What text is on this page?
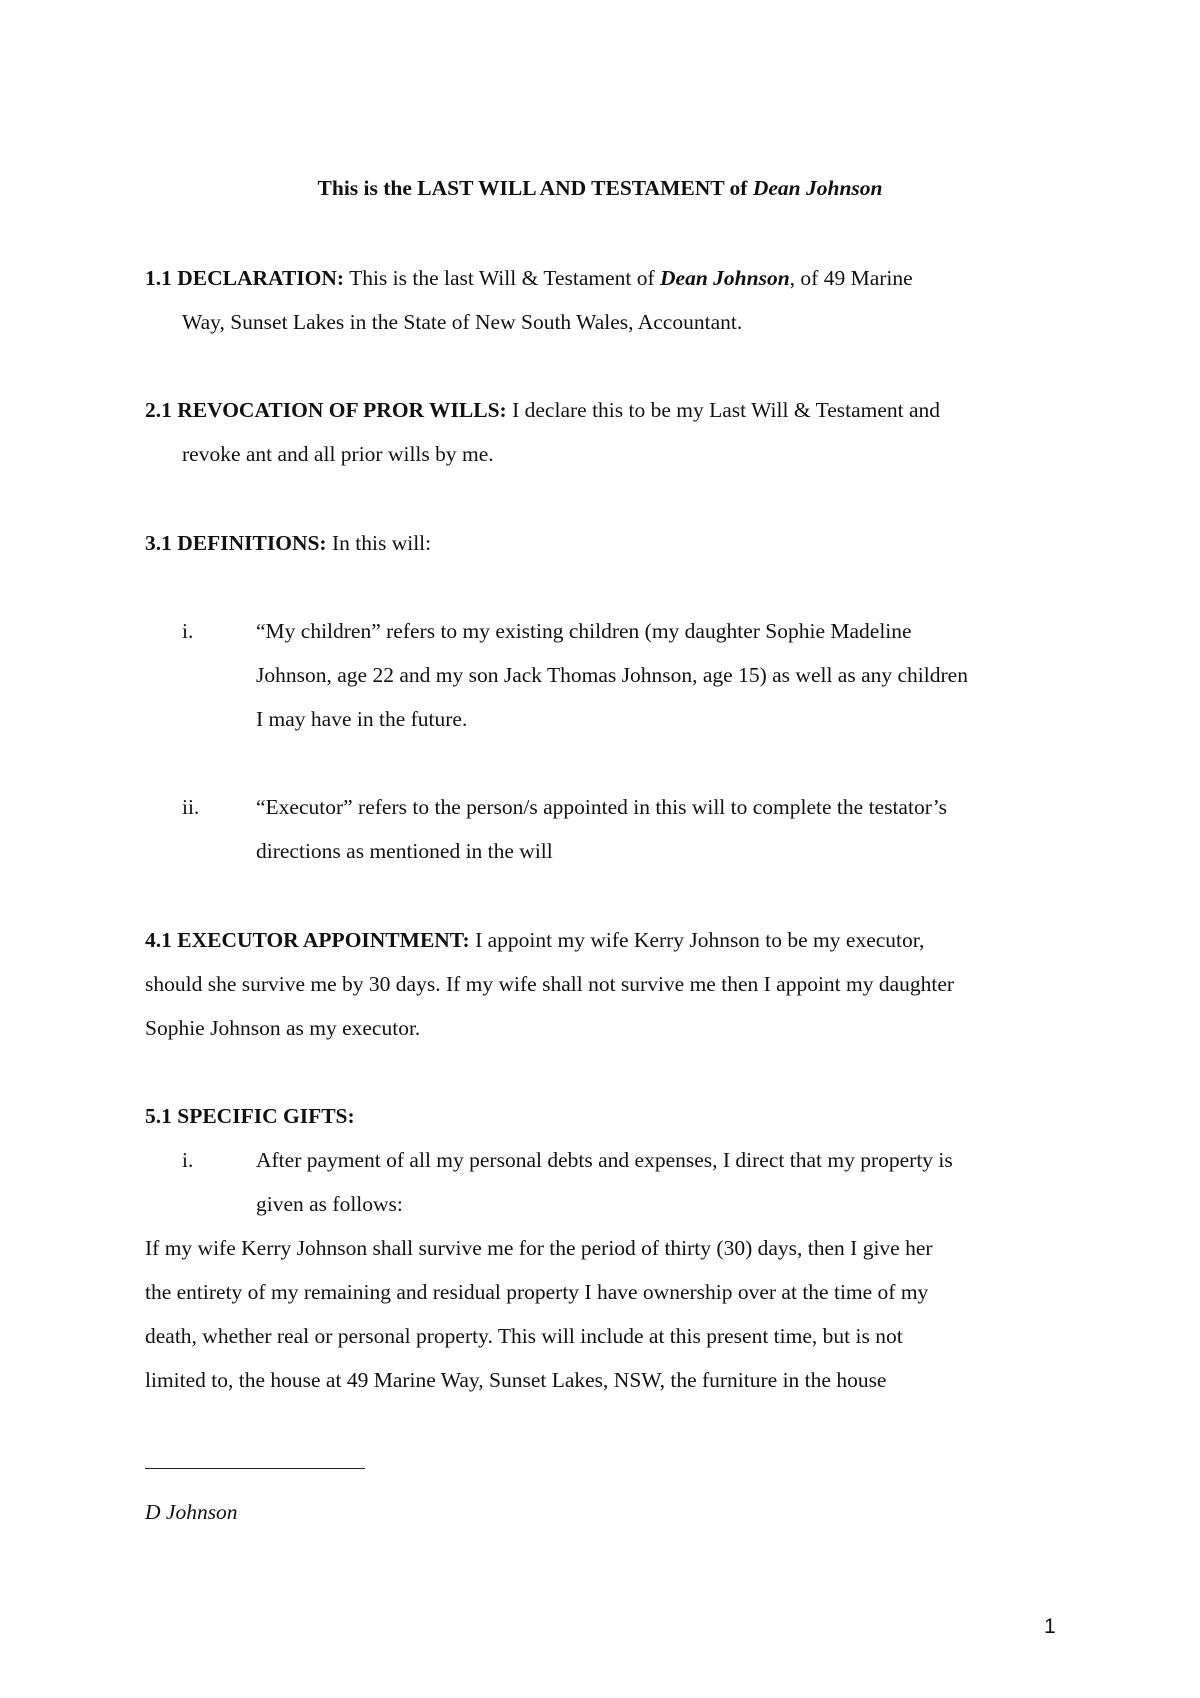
This is the LAST WILL AND TESTAMENT of Dean Johnson
1.1 DECLARATION: This is the last Will & Testament of Dean Johnson, of 49 Marine
Way, Sunset Lakes in the State of New South Wales, Accountant.
2.1 REVOCATION OF PROR WILLS: I declare this to be my Last Will & Testament and
revoke ant and all prior wills by me.
3.1 DEFINITIONS: In this will:
i.	“My children” refers to my existing children (my daughter Sophie Madeline
Johnson, age 22 and my son Jack Thomas Johnson, age 15) as well as any children
I may have in the future.
ii.	“Executor” refers to the person/s appointed in this will to complete the testator’s
directions as mentioned in the will
4.1 EXECUTOR APPOINTMENT: I appoint my wife Kerry Johnson to be my executor,
should she survive me by 30 days. If my wife shall not survive me then I appoint my daughter
Sophie Johnson as my executor.
5.1 SPECIFIC GIFTS:
i.	After payment of all my personal debts and expenses, I direct that my property is
given as follows:
If my wife Kerry Johnson shall survive me for the period of thirty (30) days, then I give her
the entirety of my remaining and residual property I have ownership over at the time of my
death, whether real or personal property. This will include at this present time, but is not
limited to, the house at 49 Marine Way, Sunset Lakes, NSW, the furniture in the house
D Johnson
1
